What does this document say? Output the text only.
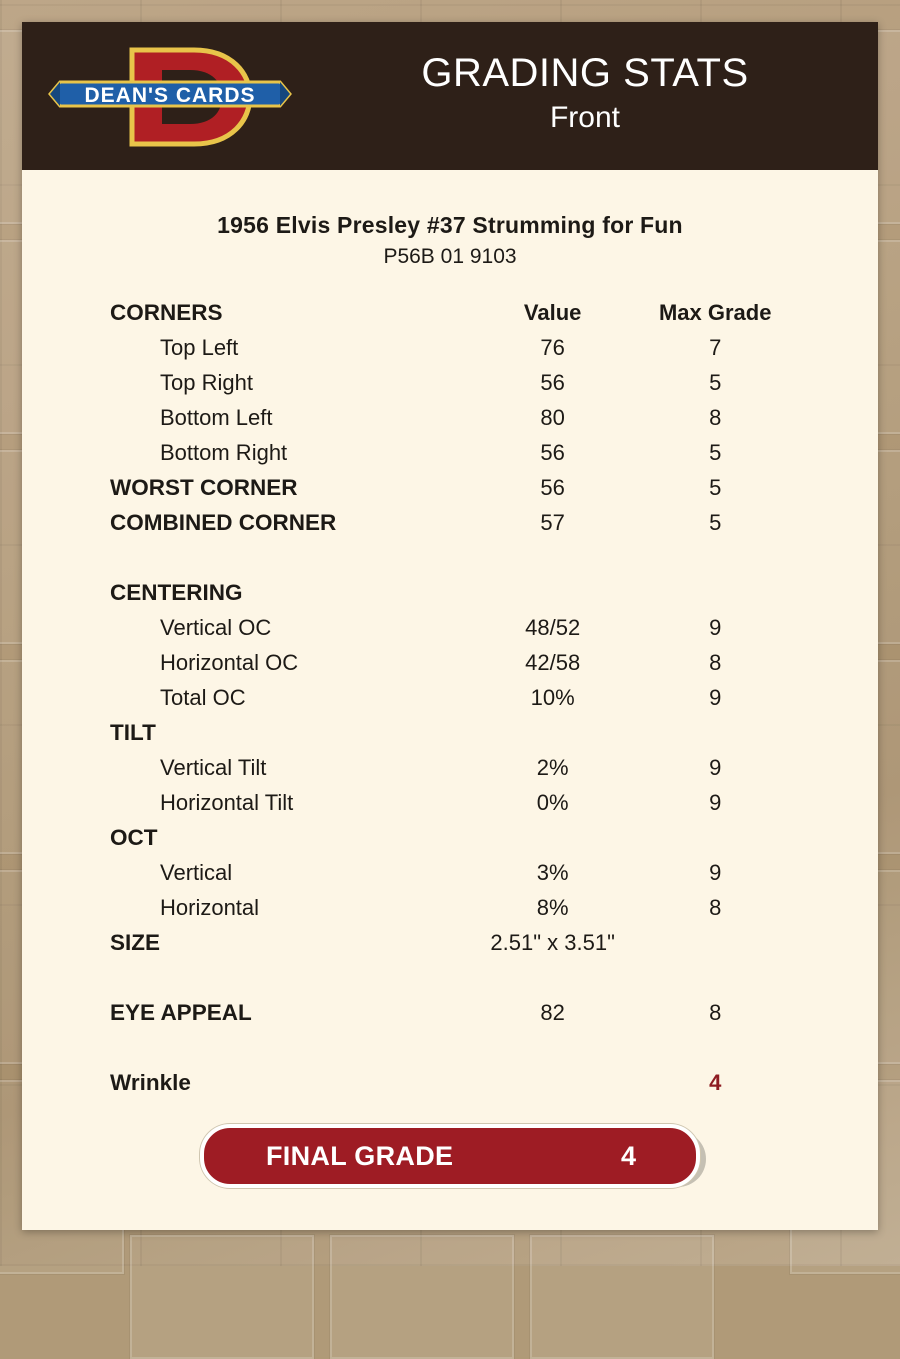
DEAN'S CARDS
GRADING STATS
Front
1956 Elvis Presley #37 Strumming for Fun
P56B 01 9103
CORNERS	Value	Max Grade
Top Left	76	7
Top Right	56	5
Bottom Left	80	8
Bottom Right	56	5
WORST CORNER	56	5
COMBINED CORNER	57	5

CENTERING		
Vertical OC	48/52	9
Horizontal OC	42/58	8
Total OC	10%	9
TILT		
Vertical Tilt	2%	9
Horizontal Tilt	0%	9
OCT		
Vertical	3%	9
Horizontal	8%	8
SIZE	2.51" x 3.51"	

EYE APPEAL	82	8

Wrinkle		4
FINAL GRADE	4
